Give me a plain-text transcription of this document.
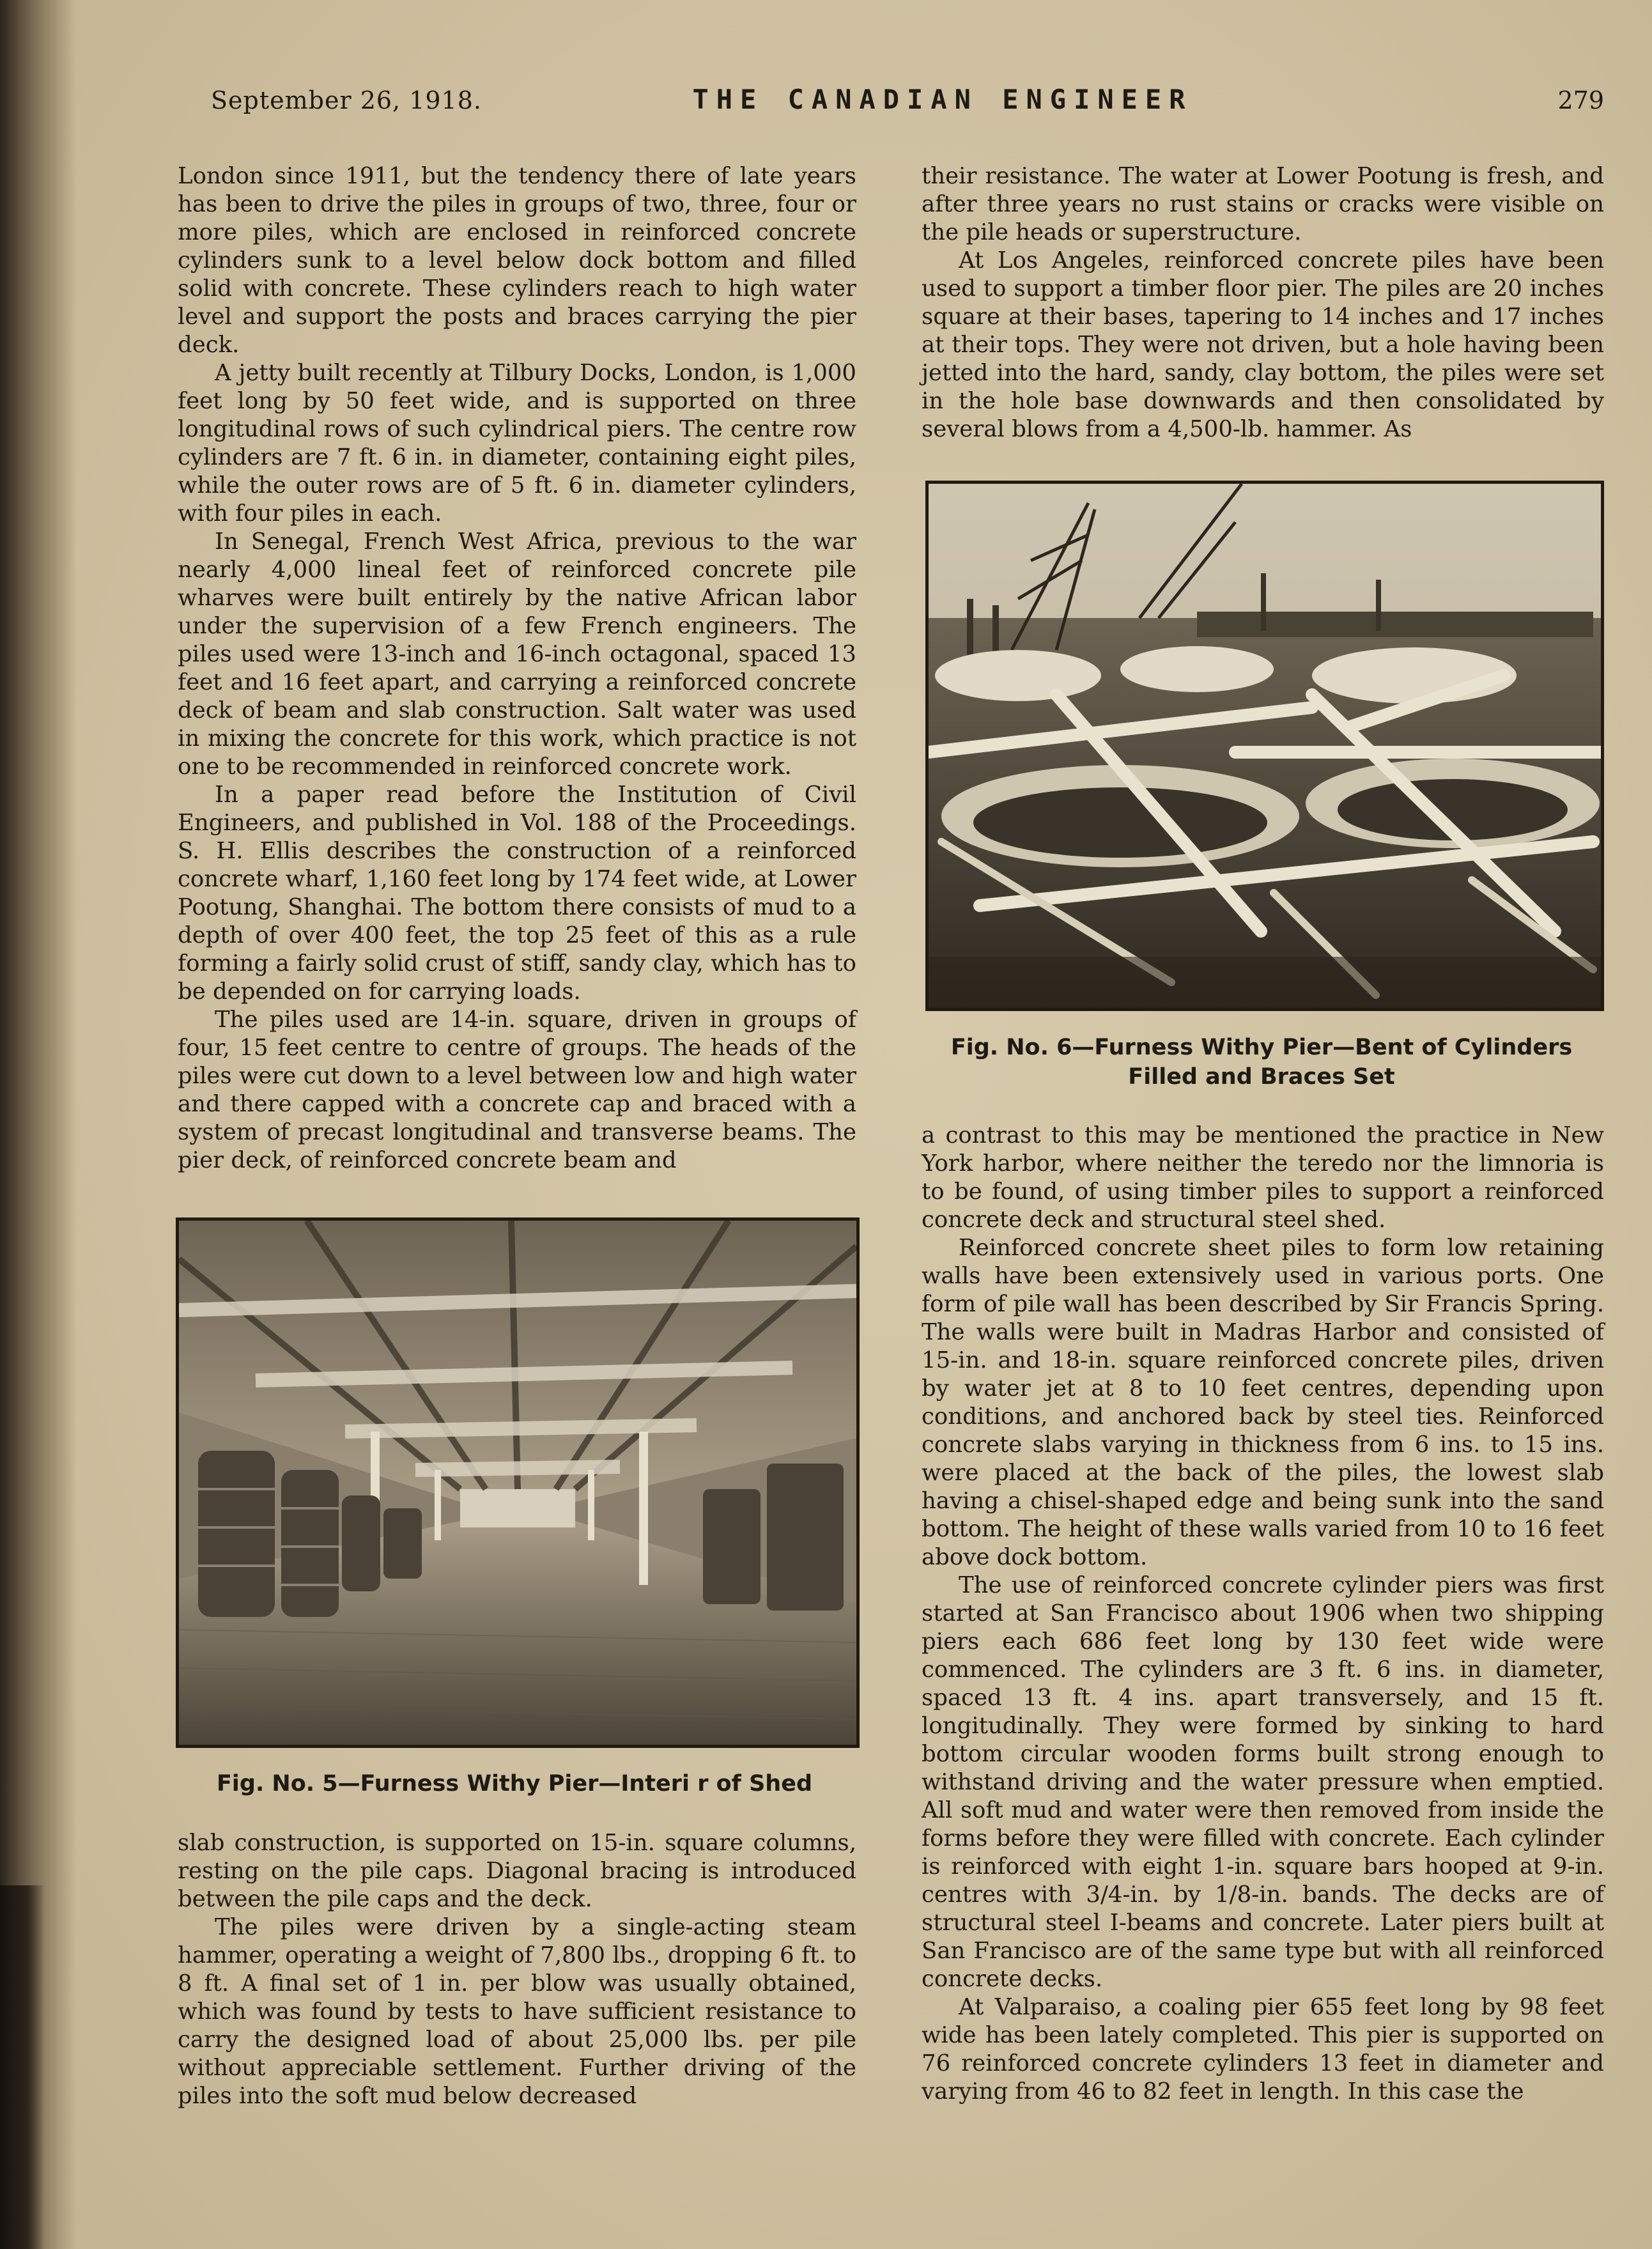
September 26, 1918.	THE CANADIAN ENGINEER	279

London since 1911, but the tendency there of late years has been to drive the piles in groups of two, three, four or more piles, which are enclosed in reinforced concrete cylinders sunk to a level below dock bottom and filled solid with concrete. These cylinders reach to high water level and support the posts and braces carrying the pier deck.

A jetty built recently at Tilbury Docks, London, is 1,000 feet long by 50 feet wide, and is supported on three longitudinal rows of such cylindrical piers. The centre row cylinders are 7 ft. 6 in. in diameter, containing eight piles, while the outer rows are of 5 ft. 6 in. diameter cylinders, with four piles in each.

In Senegal, French West Africa, previous to the war nearly 4,000 lineal feet of reinforced concrete pile wharves were built entirely by the native African labor under the supervision of a few French engineers. The piles used were 13-inch and 16-inch octagonal, spaced 13 feet and 16 feet apart, and carrying a reinforced concrete deck of beam and slab construction. Salt water was used in mixing the concrete for this work, which practice is not one to be recommended in reinforced concrete work.

In a paper read before the Institution of Civil Engineers, and published in Vol. 188 of the Proceedings. S. H. Ellis describes the construction of a reinforced concrete wharf, 1,160 feet long by 174 feet wide, at Lower Pootung, Shanghai. The bottom there consists of mud to a depth of over 400 feet, the top 25 feet of this as a rule forming a fairly solid crust of stiff, sandy clay, which has to be depended on for carrying loads.

The piles used are 14-in. square, driven in groups of four, 15 feet centre to centre of groups. The heads of the piles were cut down to a level between low and high water and there capped with a concrete cap and braced with a system of precast longitudinal and transverse beams. The pier deck, of reinforced concrete beam and

Fig. No. 5—Furness Withy Pier—Interi r of Shed

slab construction, is supported on 15-in. square columns, resting on the pile caps. Diagonal bracing is introduced between the pile caps and the deck.

The piles were driven by a single-acting steam hammer, operating a weight of 7,800 lbs., dropping 6 ft. to 8 ft. A final set of 1 in. per blow was usually obtained, which was found by tests to have sufficient resistance to carry the designed load of about 25,000 lbs. per pile without appreciable settlement. Further driving of the piles into the soft mud below decreased

their resistance. The water at Lower Pootung is fresh, and after three years no rust stains or cracks were visible on the pile heads or superstructure.

At Los Angeles, reinforced concrete piles have been used to support a timber floor pier. The piles are 20 inches square at their bases, tapering to 14 inches and 17 inches at their tops. They were not driven, but a hole having been jetted into the hard, sandy, clay bottom, the piles were set in the hole base downwards and then consolidated by several blows from a 4,500-lb. hammer. As

Fig. No. 6—Furness Withy Pier—Bent of Cylinders
Filled and Braces Set

a contrast to this may be mentioned the practice in New York harbor, where neither the teredo nor the limnoria is to be found, of using timber piles to support a reinforced concrete deck and structural steel shed.

Reinforced concrete sheet piles to form low retaining walls have been extensively used in various ports. One form of pile wall has been described by Sir Francis Spring. The walls were built in Madras Harbor and consisted of 15-in. and 18-in. square reinforced concrete piles, driven by water jet at 8 to 10 feet centres, depending upon conditions, and anchored back by steel ties. Reinforced concrete slabs varying in thickness from 6 ins. to 15 ins. were placed at the back of the piles, the lowest slab having a chisel-shaped edge and being sunk into the sand bottom. The height of these walls varied from 10 to 16 feet above dock bottom.

The use of reinforced concrete cylinder piers was first started at San Francisco about 1906 when two shipping piers each 686 feet long by 130 feet wide were commenced. The cylinders are 3 ft. 6 ins. in diameter, spaced 13 ft. 4 ins. apart transversely, and 15 ft. longitudinally. They were formed by sinking to hard bottom circular wooden forms built strong enough to withstand driving and the water pressure when emptied. All soft mud and water were then removed from inside the forms before they were filled with concrete. Each cylinder is reinforced with eight 1-in. square bars hooped at 9-in. centres with 3/4-in. by 1/8-in. bands. The decks are of structural steel I-beams and concrete. Later piers built at San Francisco are of the same type but with all reinforced concrete decks.

At Valparaiso, a coaling pier 655 feet long by 98 feet wide has been lately completed. This pier is supported on 76 reinforced concrete cylinders 13 feet in diameter and varying from 46 to 82 feet in length. In this case the
